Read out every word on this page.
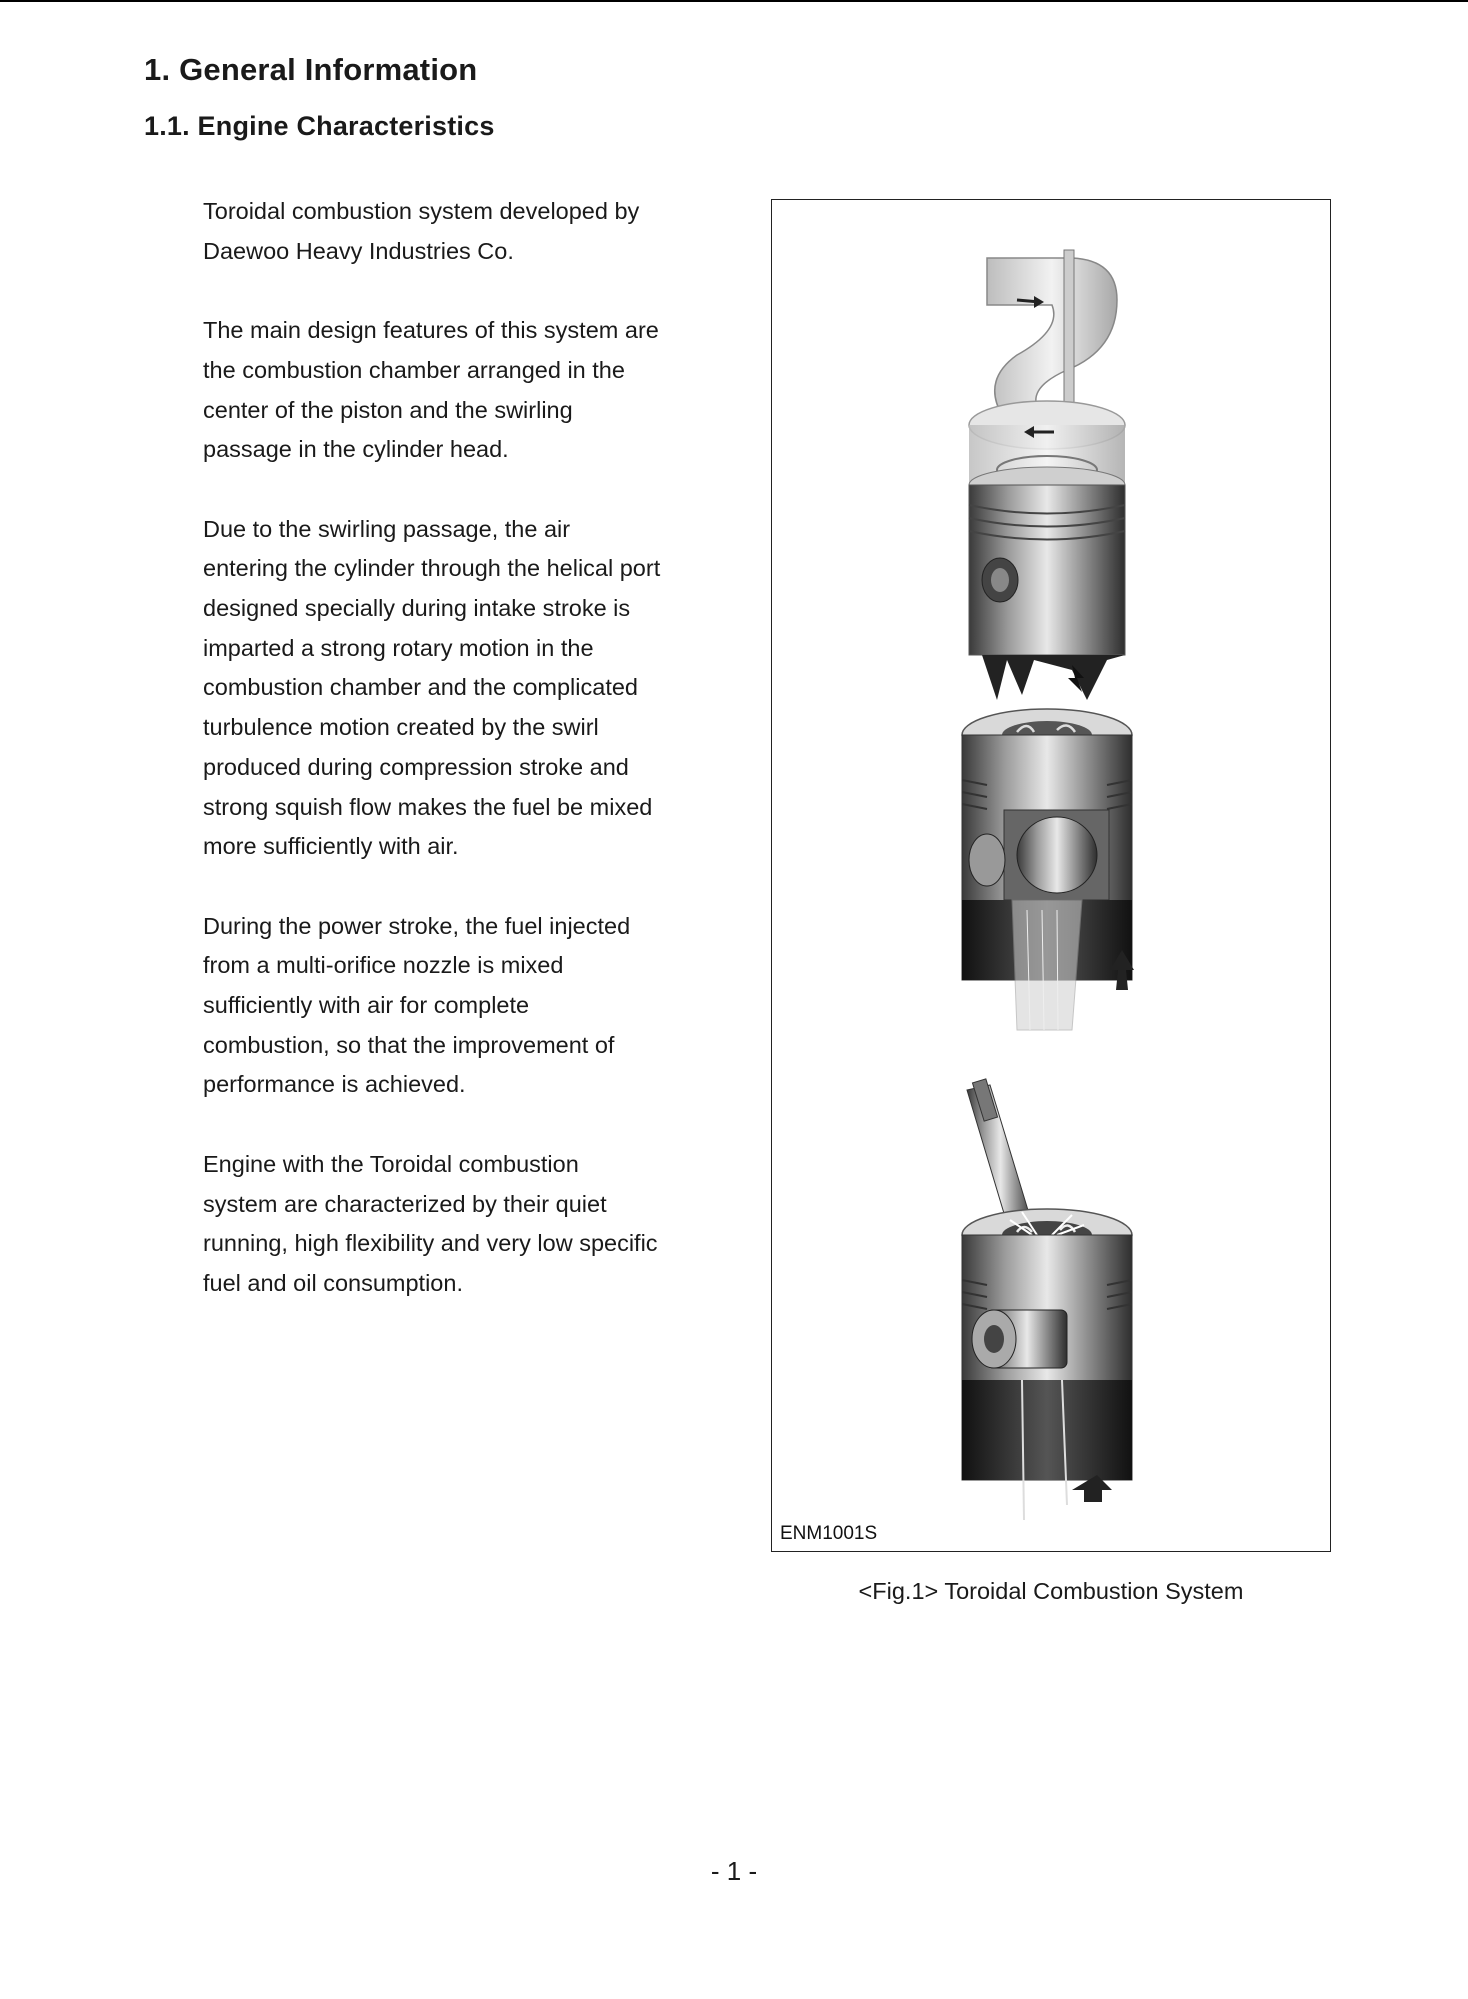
1. General Information
1.1. Engine Characteristics

Toroidal combustion system developed by
Daewoo Heavy Industries Co.

The main design features of this system are
the combustion chamber arranged in the
center of the piston and the swirling
passage in the cylinder head.

Due to the swirling passage, the air
entering the cylinder through the helical port
designed specially during intake stroke is
imparted a strong rotary motion in the
combustion chamber and the complicated
turbulence motion created by the swirl
produced during compression stroke and
strong squish flow makes the fuel be mixed
more sufficiently with air.

During the power stroke, the fuel injected
from a multi-orifice nozzle is mixed
sufficiently with air for complete
combustion, so that the improvement of
performance is achieved.

Engine with the Toroidal combustion
system are characterized by their quiet
running, high flexibility and very low specific
fuel and oil consumption.

ENM1001S
<Fig.1> Toroidal Combustion System
- 1 -
